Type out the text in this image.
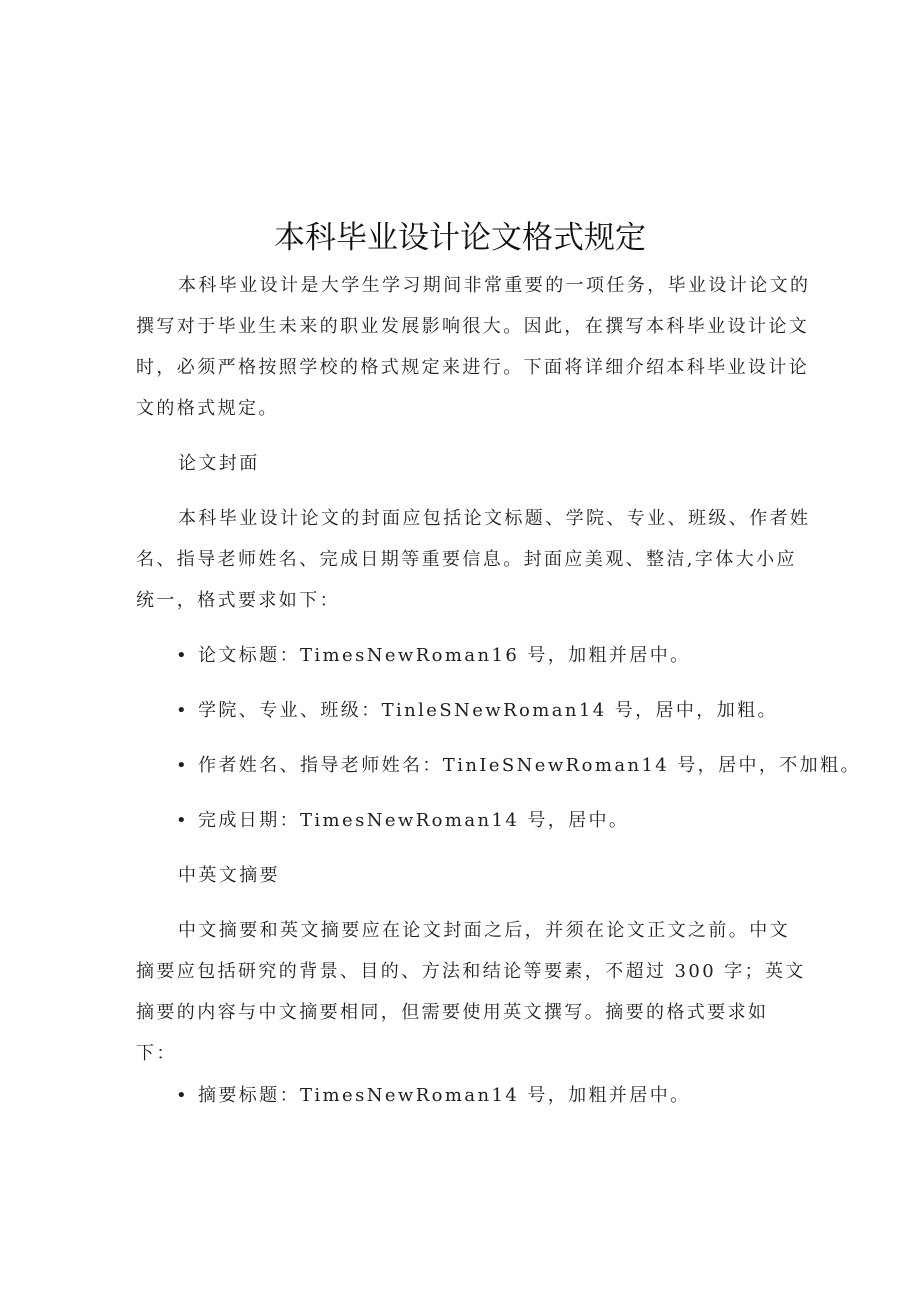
本科毕业设计论文格式规定
本科毕业设计是大学生学习期间非常重要的一项任务，毕业设计论文的
撰写对于毕业生未来的职业发展影响很大。因此，在撰写本科毕业设计论文
时，必须严格按照学校的格式规定来进行。下面将详细介绍本科毕业设计论
文的格式规定。
论文封面
本科毕业设计论文的封面应包括论文标题、学院、专业、班级、作者姓
名、指导老师姓名、完成日期等重要信息。封面应美观、整洁,字体大小应
统一，格式要求如下：
• 论文标题：TimesNewRoman16 号，加粗并居中。
• 学院、专业、班级：TinleSNewRoman14 号，居中，加粗。
• 作者姓名、指导老师姓名：TinIeSNewRoman14 号，居中，不加粗。
• 完成日期：TimesNewRoman14 号，居中。
中英文摘要
中文摘要和英文摘要应在论文封面之后，并须在论文正文之前。中文
摘要应包括研究的背景、目的、方法和结论等要素，不超过 300 字；英文
摘要的内容与中文摘要相同，但需要使用英文撰写。摘要的格式要求如
下：
• 摘要标题：TimesNewRoman14 号，加粗并居中。
